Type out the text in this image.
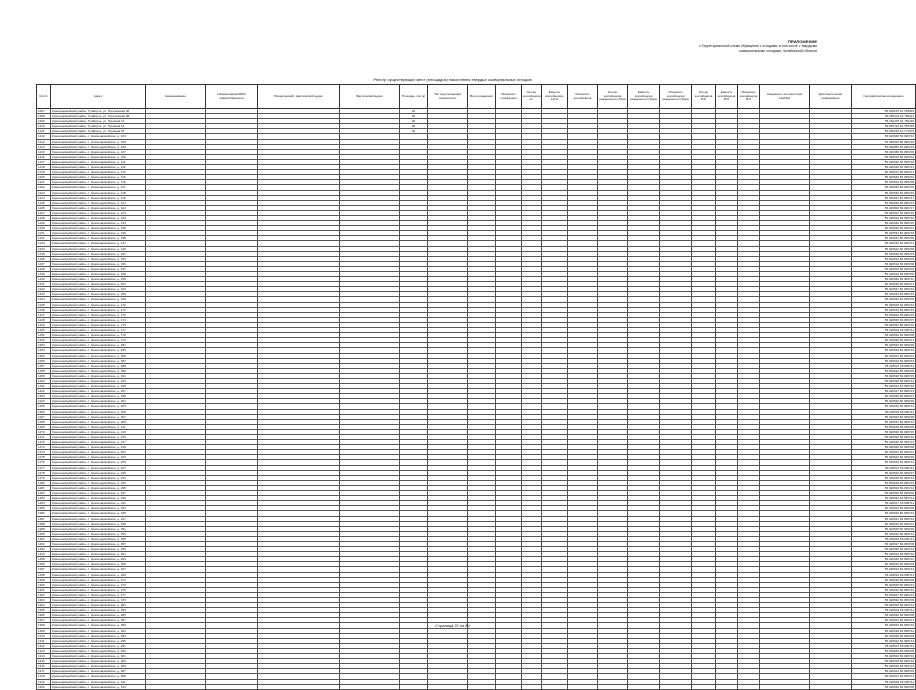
ПРИЛОЖЕНИЕ
к Территориальной схеме обращения с отходами, в том числе с твердыми
коммунальными отходами, Челябинской области
Реестр существующих мест (площадок) накопления твердых коммунальных отходов
№ п/п	Адрес	Наименование	Наименование/ФИО правообладателя	Юридический / фактический адрес	Фактический адрес	Площадь, (кв. м)	Тип подстилающей поверхности	Вид ограждения	Материал ограждения	Кол-во контейнеров, шт	Емкость контейнеров, куб.м	Материал контейнеров	Кол-во контейнеров раздельного сбора	Емкость контейнеров раздельного сбора	Материал контейнеров раздельного сбора	Кол-во контейнеров КГО	Емкость контейнеров КГО	Материал контейнеров КГО	Сведения о соответствии СанПиН	Дополнительная информация	Географические координаты
1207	Красноармейский район, Тугайкуль, ул. Пугачевская 96					20															55.250275 61.758403
1208	Красноармейский район, Тугайкуль, ул. Пугачевская 98					20															55.250341 61.758411
1209	Красноармейский район, Тугайкуль, ул. Пушкина 12					20															55.251497 61.763118
1210	Красноармейский район, Тугайкуль, ул. Пушкина 14					20															55.250723 61.765792
1211	Красноармейский район, Тугайкуль, ул. Пушкина 18					20															55.250318 61.771076
1212	Красноармейский район, с. Красноармейское, д. 103																				55.026548 56.095714
1213	Красноармейский район, с. Красноармейское, д. 105																				55.026523 56.095720
1214	Красноармейский район, с. Красноармейское, д. 108																				55.026560 56.095719
1215	Красноармейский район, с. Красноармейское, д. 107																				55.026458 56.095709
1216	Красноармейский район, с. Красноармейское, д. 109																				55.026516 56.095702
1217	Красноармейский район, с. Красноармейское, д. 111																				55.026520 56.095720
1218	Красноармейский район, с. Красноармейское, д. 112																				55.026518 56.095721
1219	Красноармейский район, с. Красноармейское, д. 113																				55.026572 56.095713
1220	Красноармейский район, с. Красноармейское, д. 115																				55.026549 56.095702
1221	Красноармейский район, с. Красноармейское, д. 116																				55.026514 56.095708
1222	Красноармейский район, с. Красноармейское, д. 117																				55.026525 56.095715
1223	Красноармейский район, с. Красноармейское, д. 118																				55.026530 56.095719
1224	Красноармейский район, с. Красноармейское, д. 119																				55.026541 56.095717
1225	Красноармейский район, с. Красноармейское, д. 121																				55.026532 56.095713
1226	Красноармейский район, с. Красноармейское, д. 122																				55.026506 56.095717
1227	Красноармейский район, с. Красноармейское, д. 123																				55.026521 56.095715
1228	Красноармейский район, с. Красноармейское, д. 129																				55.026523 56.095716
1229	Красноармейский район, с. Красноармейское, д. 133																				55.026529 56.095715
1230	Красноармейский район, с. Красноармейское, д. 135																				55.026540 56.095712
1231	Красноармейский район, с. Красноармейское, д. 136																				55.026531 56.095718
1232	Красноармейский район, с. Красноармейское, д. 138																				55.026521 56.095706
1233	Красноармейский район, с. Красноармейское, д. 147																				55.026515 56.095714
1234	Красноармейский район, с. Красноармейское, д. 149																				55.026522 56.095708
1235	Красноармейский район, с. Красноармейское, д. 151																				55.026518 56.095704
1236	Красноармейский район, с. Красноармейское, д. 155																				55.026534 56.095709
1237	Красноармейский район, с. Красноармейское, д. 156																				55.026519 56.095708
1238	Красноармейский район, с. Красноармейское, д. 157																				55.026524 56.095709
1239	Красноармейский район, с. Красноармейское, д. 158																				55.026513 56.095706
1240	Красноармейский район, с. Красноармейское, д. 159																				55.026526 56.095712
1241	Красноармейский район, с. Красноармейское, д. 161																				55.026535 56.095713
1242	Красноармейский район, с. Красноармейское, д. 163																				55.026527 56.095710
1243	Красноармейский район, с. Красноармейское, д. 165																				55.026523 56.095714
1244	Красноармейский район, с. Красноармейское, д. 169																				55.026520 56.095709
1245	Красноармейский район, с. Красноармейское, д. 170																				55.026518 56.095712
1246	Красноармейский район, с. Красноармейское, д. 171																				55.026516 56.095715
1247	Красноармейский район, с. Красноармейское, д. 172																				55.026522 56.095710
1248	Красноармейский район, с. Красноармейское, д. 174																				55.026525 56.095707
1249	Красноармейский район, с. Красноармейское, д. 175																				55.026523 56.095716
1250	Красноармейский район, с. Красноармейское, д. 177																				55.026519 56.095711
1251	Красноармейский район, с. Красноармейское, д. 178																				55.026533 56.095708
1252	Красноармейский район, с. Красноармейское, д. 179																				55.026528 56.095713
1253	Красноармейский район, с. Красноармейское, д. 181																				55.026515 56.095709
1254	Красноармейский район, с. Красноармейское, д. 183																				55.026524 56.095716
1255	Красноармейский район, с. Красноармейское, д. 185																				55.026521 56.095712
1256	Красноармейский район, с. Красноармейское, д. 187																				55.026519 56.095704
1257	Красноармейский район, с. Красноармейское, д. 188																				55.026527 56.095711
1258	Красноармейский район, с. Красноармейское, д. 189																				55.026522 56.095709
1259	Красноармейский район, с. Красноармейское, д. 191																				55.026518 56.095715
1260	Красноармейский район, с. Красноармейское, д. 193																				55.026530 56.095712
1261	Красноармейский район, с. Красноармейское, д. 195																				55.026524 56.095710
1262	Красноармейский район, с. Красноармейское, д. 197																				55.026517 56.095713
1263	Красноармейский район, с. Красноармейское, д. 199																				55.026529 56.095707
1264	Красноармейский район, с. Красноармейское, д. 201																				55.026520 56.095709
1265	Красноармейский район, с. Красноармейское, д. 203																				55.026526 56.095714
1266	Красноармейский район, с. Красноармейское, д. 205																				55.026519 56.095711
1267	Красноармейский район, с. Красноармейское, д. 207																				55.026523 56.095708
1268	Красноармейский район, с. Красноармейское, д. 209																				55.026531 56.095712
1269	Красноармейский район, с. Красноармейское, д. 211																				55.026518 56.095709
1270	Красноармейский район, с. Красноармейское, д. 213																				55.026525 56.095715
1271	Красноармейский район, с. Красноармейское, д. 215																				55.026522 56.095710
1272	Красноармейский район, с. Красноармейское, д. 217																				55.026516 56.095713
1273	Красноармейский район, с. Красноармейское, д. 219																				55.026528 56.095708
1274	Красноармейский район, с. Красноармейское, д. 221																				55.026521 56.095712
1275	Красноармейский район, с. Красноармейское, д. 223																				55.026524 56.095709
1276	Красноармейский район, с. Красноармейское, д. 225																				55.026519 56.095714
1277	Красноармейский район, с. Красноармейское, д. 227																				55.026527 56.095711
1278	Красноармейский район, с. Красноармейское, д. 229																				55.026520 56.095707
1279	Красноармейский район, с. Красноармейское, д. 231																				55.026525 56.095713
1280	Красноармейский район, с. Красноармейское, д. 233																				55.026518 56.095710
1281	Красноармейский район, с. Красноармейское, д. 235																				55.026523 56.095712
1282	Красноармейский район, с. Красноармейское, д. 237																				55.026529 56.095709
1283	Красноармейский район, с. Красноармейское, д. 239																				55.026522 56.095714
1284	Красноармейский район, с. Красноармейское, д. 241																				55.026517 56.095711
1285	Красноармейский район, с. Красноармейское, д. 243																				55.026524 56.095708
1286	Красноармейский район, с. Красноармейское, д. 245																				55.026526 56.095713
1287	Красноармейский район, с. Красноармейское, д. 247																				55.026521 56.095710
1288	Красноармейский район, с. Красноармейское, д. 249																				55.026519 56.095712
1289	Красноармейский район, с. Красноармейское, д. 251																				55.026525 56.095709
1290	Красноармейский район, с. Красноармейское, д. 253																				55.026522 56.095714
1291	Красноармейский район, с. Красноармейское, д. 255																				55.026518 56.095711
1292	Красноармейский район, с. Красноармейское, д. 257																				55.026527 56.095708
1293	Красноармейский район, с. Красноармейское, д. 259																				55.026520 56.095713
1294	Красноармейский район, с. Красноармейское, д. 261																				55.026523 56.095710
1295	Красноармейский район, с. Красноармейское, д. 263																				55.026526 56.095712
1296	Красноармейский район, с. Красноармейское, д. 265																				55.026519 56.095709
1297	Красноармейский район, с. Красноармейское, д. 267																				55.026524 56.095714
1298	Красноармейский район, с. Красноармейское, д. 269																				55.026521 56.095711
1299	Красноармейский район, с. Красноармейское, д. 271																				55.026518 56.095708
1300	Красноармейский район, с. Красноармейское, д. 273																				55.026525 56.095713
1301	Красноармейский район, с. Красноармейское, д. 275																				55.026522 56.095710
1302	Красноармейский район, с. Красноармейское, д. 277																				55.026527 56.095712
1303	Красноармейский район, с. Красноармейское, д. 279																				55.026520 56.095709
1304	Красноармейский район, с. Красноармейское, д. 281																				55.026523 56.095714
1305	Красноармейский район, с. Красноармейское, д. 283																				55.026519 56.095711
1306	Красноармейский район, с. Красноармейское, д. 285																				55.026526 56.095708
1307	Красноармейский район, с. Красноармейское, д. 287																				55.026521 56.095713
1308	Красноармейский район, с. Красноармейское, д. 289																				55.026524 56.095710
1309	Красноармейский район, с. Красноармейское, д. 291																				55.026518 56.095712
1310	Красноармейский район, с. Красноармейское, д. 293																				55.026525 56.095709
1311	Красноармейский район, с. Красноармейское, д. 295																				55.026522 56.095714
1312	Красноармейский район, с. Красноармейское, д. 297																				55.026527 56.095711
1313	Красноармейский район, с. Красноармейское, д. 299																				55.026520 56.095708
1314	Красноармейский район, с. Красноармейское, д. 301																				55.026523 56.095713
1315	Красноармейский район, с. Красноармейское, д. 303																				55.026519 56.095710
1316	Красноармейский район, с. Красноармейское, д. 305																				55.026526 56.095712
1317	Красноармейский район, с. Красноармейское, д. 307																				55.026521 56.095709
1318	Красноармейский район, с. Красноармейское, д. 309																				55.026524 56.095714
1319	Красноармейский район, с. Красноармейское, д. 311																				55.026518 56.095711
1320	Красноармейский район, с. Красноармейское, д. 313																				55.026525 56.095708
Страница 37 из 80
